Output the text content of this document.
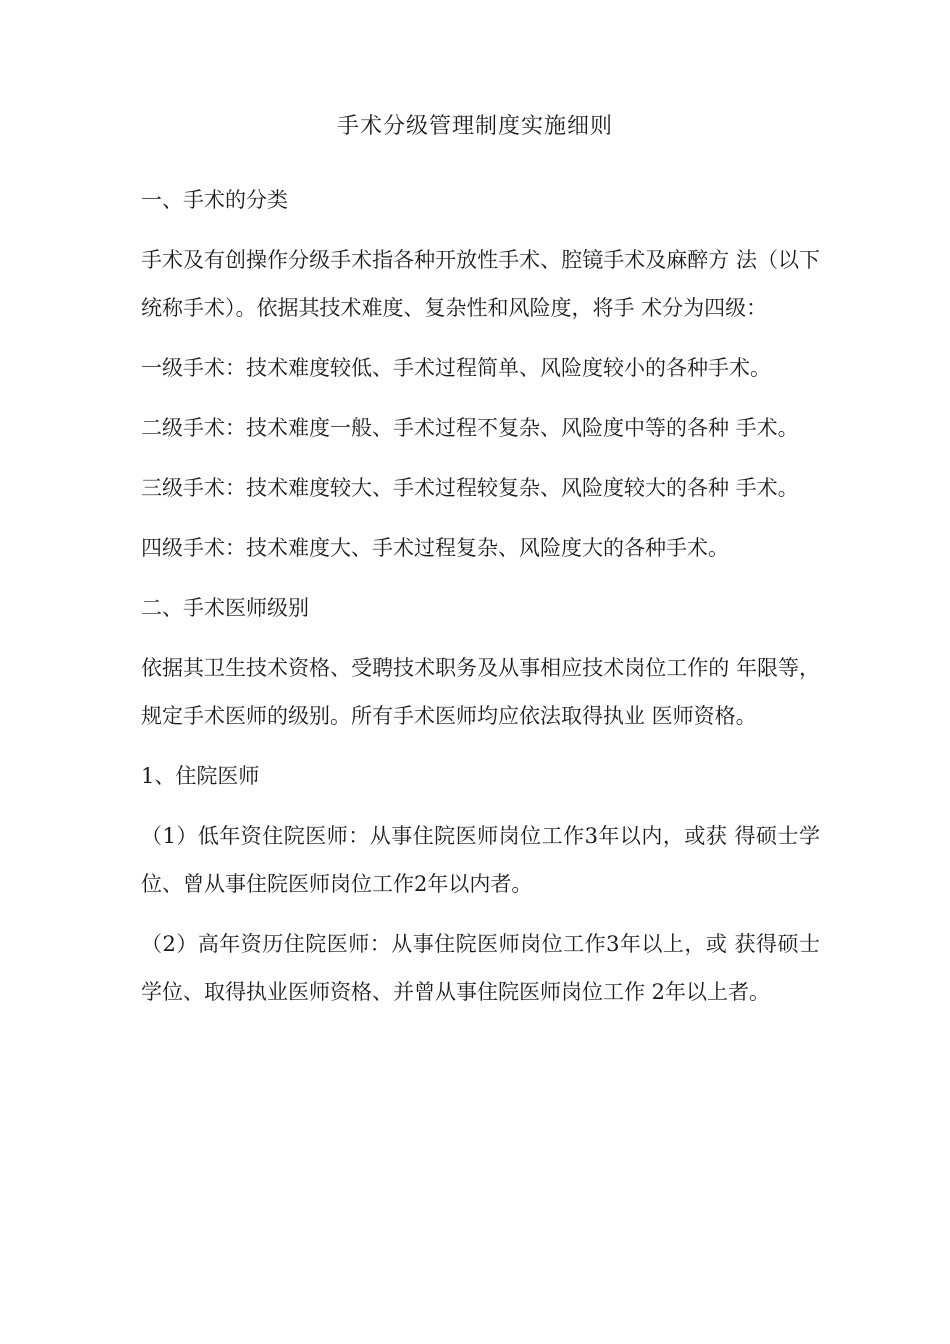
手术分级管理制度实施细则

一、手术的分类

手术及有创操作分级手术指各种开放性手术、腔镜手术及麻醉方 法（以下统称手术）。依据其技术难度、复杂性和风险度，将手 术分为四级：

一级手术：技术难度较低、手术过程简单、风险度较小的各种手术。

二级手术：技术难度一般、手术过程不复杂、风险度中等的各种 手术。

三级手术：技术难度较大、手术过程较复杂、风险度较大的各种 手术。

四级手术：技术难度大、手术过程复杂、风险度大的各种手术。

二、手术医师级别

依据其卫生技术资格、受聘技术职务及从事相应技术岗位工作的 年限等，规定手术医师的级别。所有手术医师均应依法取得执业 医师资格。

1、住院医师

（1）低年资住院医师：从事住院医师岗位工作3年以内，或获 得硕士学位、曾从事住院医师岗位工作2年以内者。

（2）高年资历住院医师：从事住院医师岗位工作3年以上，或 获得硕士学位、取得执业医师资格、并曾从事住院医师岗位工作 2年以上者。
